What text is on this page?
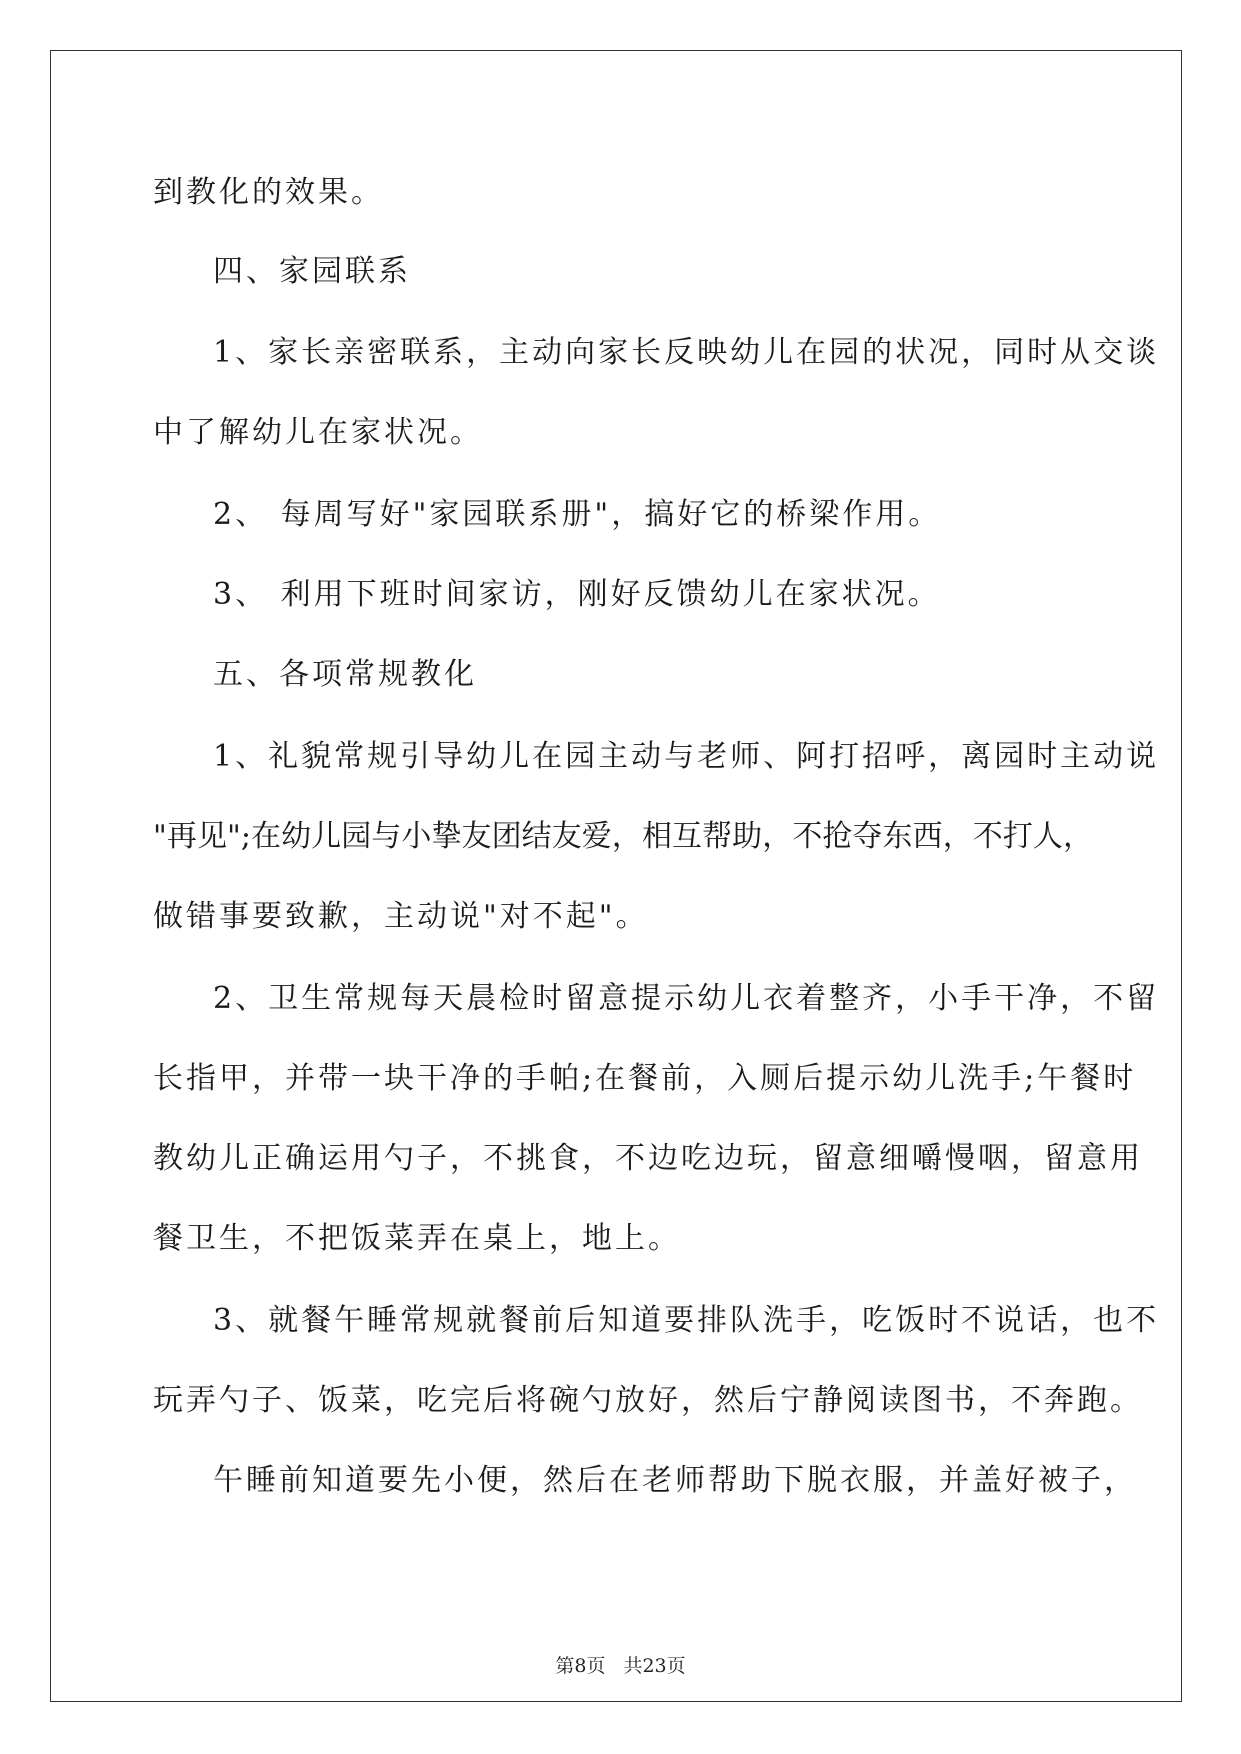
到教化的效果。
四、家园联系
1、家长亲密联系，主动向家长反映幼儿在园的状况，同时从交谈
中了解幼儿在家状况。
2、 每周写好"家园联系册"，搞好它的桥梁作用。
3、 利用下班时间家访，刚好反馈幼儿在家状况。
五、各项常规教化
1、礼貌常规引导幼儿在园主动与老师、阿打招呼，离园时主动说
"再见";在幼儿园与小挚友团结友爱，相互帮助，不抢夺东西，不打人，
做错事要致歉，主动说"对不起"。
2、卫生常规每天晨检时留意提示幼儿衣着整齐，小手干净，不留
长指甲，并带一块干净的手帕;在餐前，入厕后提示幼儿洗手;午餐时
教幼儿正确运用勺子，不挑食，不边吃边玩，留意细嚼慢咽，留意用
餐卫生，不把饭菜弄在桌上，地上。
3、就餐午睡常规就餐前后知道要排队洗手，吃饭时不说话，也不
玩弄勺子、饭菜，吃完后将碗勺放好，然后宁静阅读图书，不奔跑。
午睡前知道要先小便，然后在老师帮助下脱衣服，并盖好被子，
第8页 共23页
